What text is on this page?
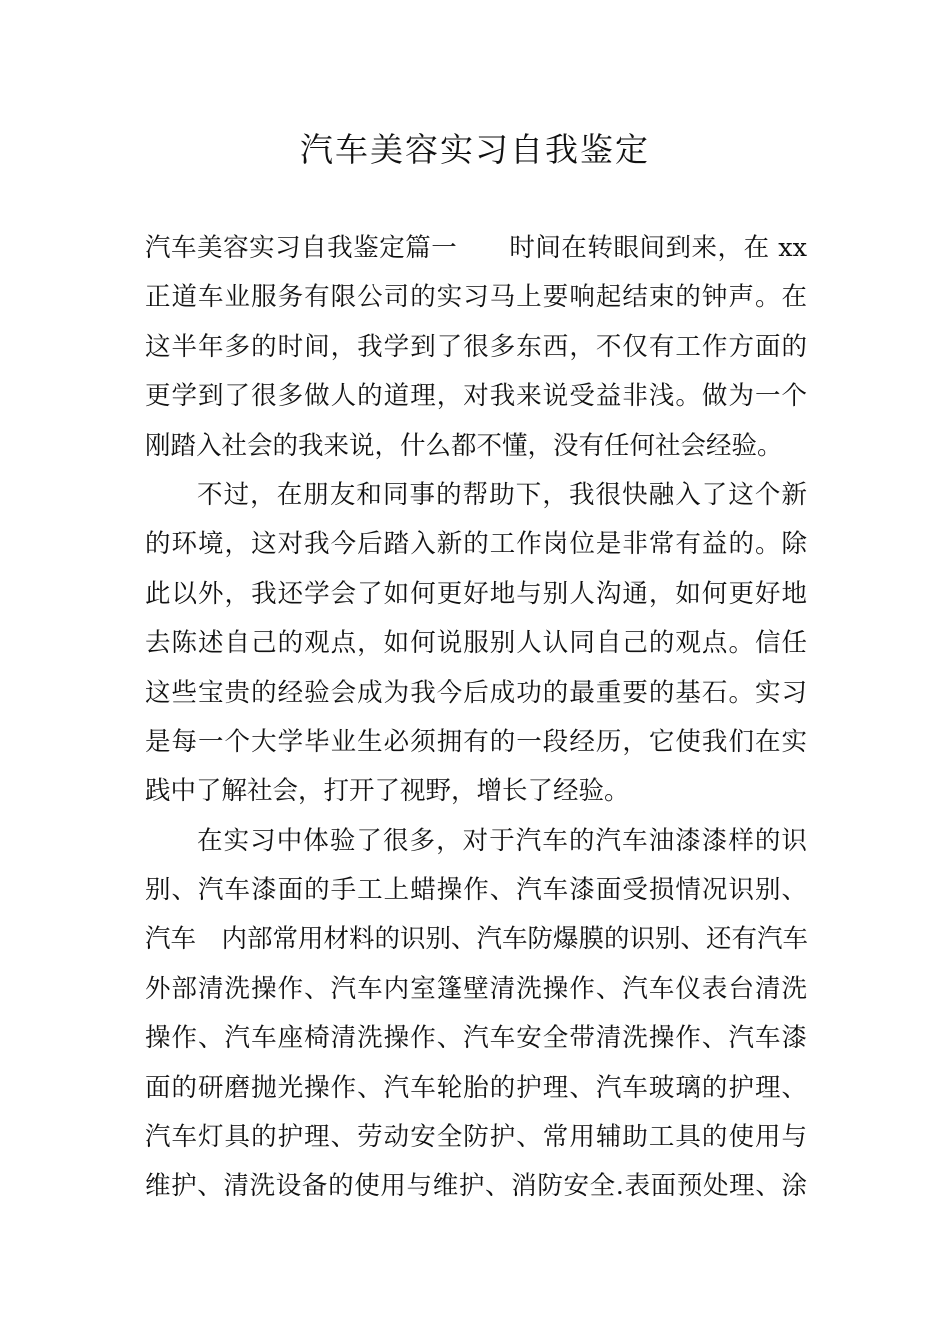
汽车美容实习自我鉴定
汽车美容实习自我鉴定篇一　　时间在转眼间到来，在 xx
正道车业服务有限公司的实习马上要响起结束的钟声。在
这半年多的时间，我学到了很多东西，不仅有工作方面的
更学到了很多做人的道理，对我来说受益非浅。做为一个
刚踏入社会的我来说，什么都不懂，没有任何社会经验。
不过，在朋友和同事的帮助下，我很快融入了这个新
的环境，这对我今后踏入新的工作岗位是非常有益的。除
此以外，我还学会了如何更好地与别人沟通，如何更好地
去陈述自己的观点，如何说服别人认同自己的观点。信任
这些宝贵的经验会成为我今后成功的最重要的基石。实习
是每一个大学毕业生必须拥有的一段经历，它使我们在实
践中了解社会，打开了视野，增长了经验。
在实习中体验了很多，对于汽车的汽车油漆漆样的识
别、汽车漆面的手工上蜡操作、汽车漆面受损情况识别、
汽车　内部常用材料的识别、汽车防爆膜的识别、还有汽车
外部清洗操作、汽车内室篷壁清洗操作、汽车仪表台清洗
操作、汽车座椅清洗操作、汽车安全带清洗操作、汽车漆
面的研磨抛光操作、汽车轮胎的护理、汽车玻璃的护理、
汽车灯具的护理、劳动安全防护、常用辅助工具的使用与
维护、清洗设备的使用与维护、消防安全.表面预处理、涂
